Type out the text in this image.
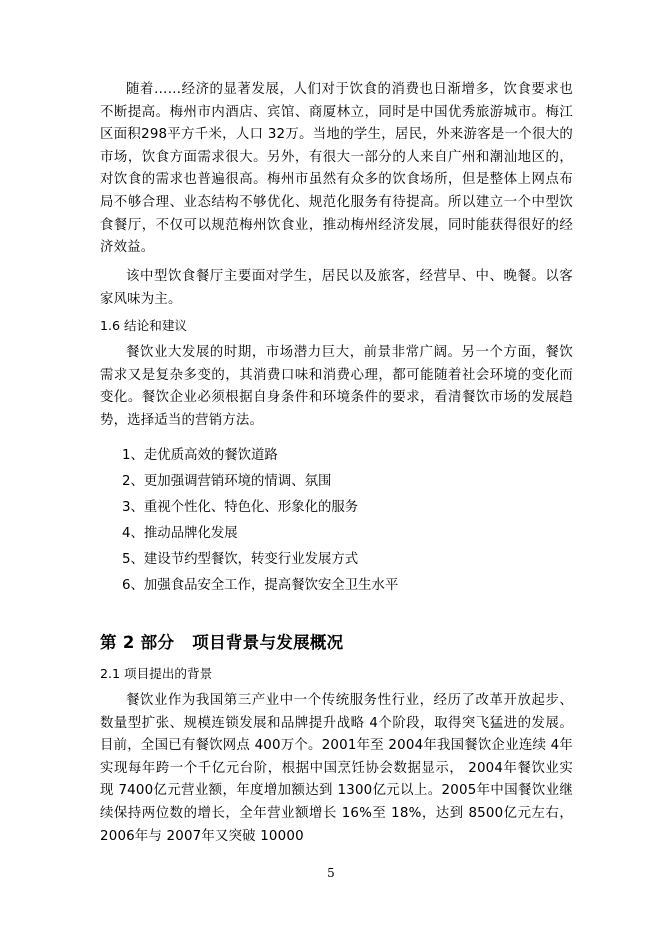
随着……经济的显著发展，人们对于饮食的消费也日渐增多，饮食要求也不断提高。梅州市内酒店、宾馆、商厦林立，同时是中国优秀旅游城市。梅江区面积298平方千米，人口 32万。当地的学生，居民，外来游客是一个很大的市场，饮食方面需求很大。另外，有很大一部分的人来自广州和潮汕地区的，对饮食的需求也普遍很高。梅州市虽然有众多的饮食场所，但是整体上网点布局不够合理、业态结构不够优化、规范化服务有待提高。所以建立一个中型饮食餐厅，不仅可以规范梅州饮食业，推动梅州经济发展，同时能获得很好的经济效益。

该中型饮食餐厅主要面对学生，居民以及旅客，经营早、中、晚餐。以客家风味为主。

1.6 结论和建议

餐饮业大发展的时期，市场潜力巨大，前景非常广阔。另一个方面，餐饮需求又是复杂多变的，其消费口味和消费心理，都可能随着社会环境的变化而变化。餐饮企业必须根据自身条件和环境条件的要求，看清餐饮市场的发展趋势，选择适当的营销方法。

1、走优质高效的餐饮道路

2、更加强调营销环境的情调、氛围

3、重视个性化、特色化、形象化的服务

4、推动品牌化发展

5、建设节约型餐饮，转变行业发展方式

6、加强食品安全工作，提高餐饮安全卫生水平

第 2 部分 项目背景与发展概况

2.1 项目提出的背景

餐饮业作为我国第三产业中一个传统服务性行业，经历了改革开放起步、数量型扩张、规模连锁发展和品牌提升战略 4个阶段，取得突飞猛进的发展。目前，全国已有餐饮网点 400万个。2001年至 2004年我国餐饮企业连续 4年实现每年跨一个千亿元台阶，根据中国烹饪协会数据显示， 2004年餐饮业实现 7400亿元营业额，年度增加额达到 1300亿元以上。2005年中国餐饮业继续保持两位数的增长，全年营业额增长 16%至 18%，达到 8500亿元左右，2006年与 2007年又突破 10000

5
